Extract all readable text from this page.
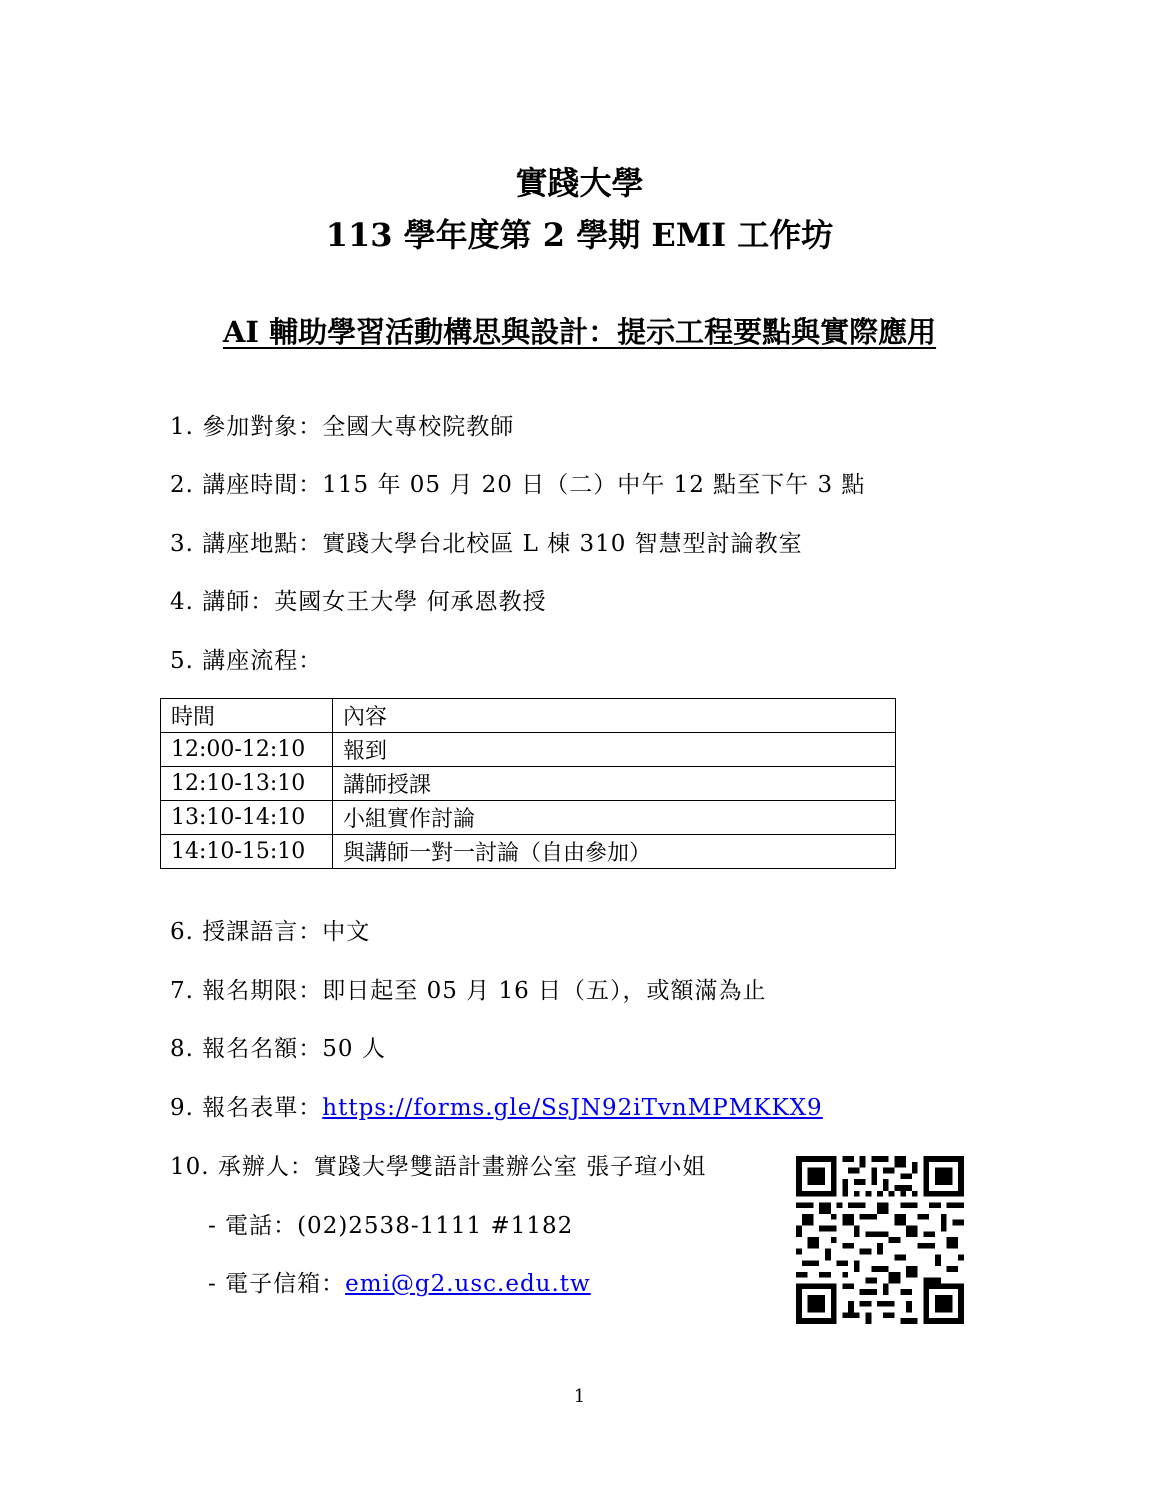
實踐大學
113 學年度第 2 學期 EMI 工作坊
AI 輔助學習活動構思與設計：提示工程要點與實際應用
1. 參加對象：全國大專校院教師
2. 講座時間：115 年 05 月 20 日（二）中午 12 點至下午 3 點
3. 講座地點：實踐大學台北校區 L 棟 310 智慧型討論教室
4. 講師：英國女王大學 何承恩教授
5. 講座流程：
時間	內容
12:00-12:10	報到
12:10-13:10	講師授課
13:10-14:10	小組實作討論
14:10-15:10	與講師一對一討論（自由參加）
6. 授課語言：中文
7. 報名期限：即日起至 05 月 16 日（五），或額滿為止
8. 報名名額：50 人
9. 報名表單：https://forms.gle/SsJN92iTvnMPMKKX9
10. 承辦人：實踐大學雙語計畫辦公室 張子瑄小姐
- 電話：(02)2538-1111 #1182
- 電子信箱：emi@g2.usc.edu.tw
1
